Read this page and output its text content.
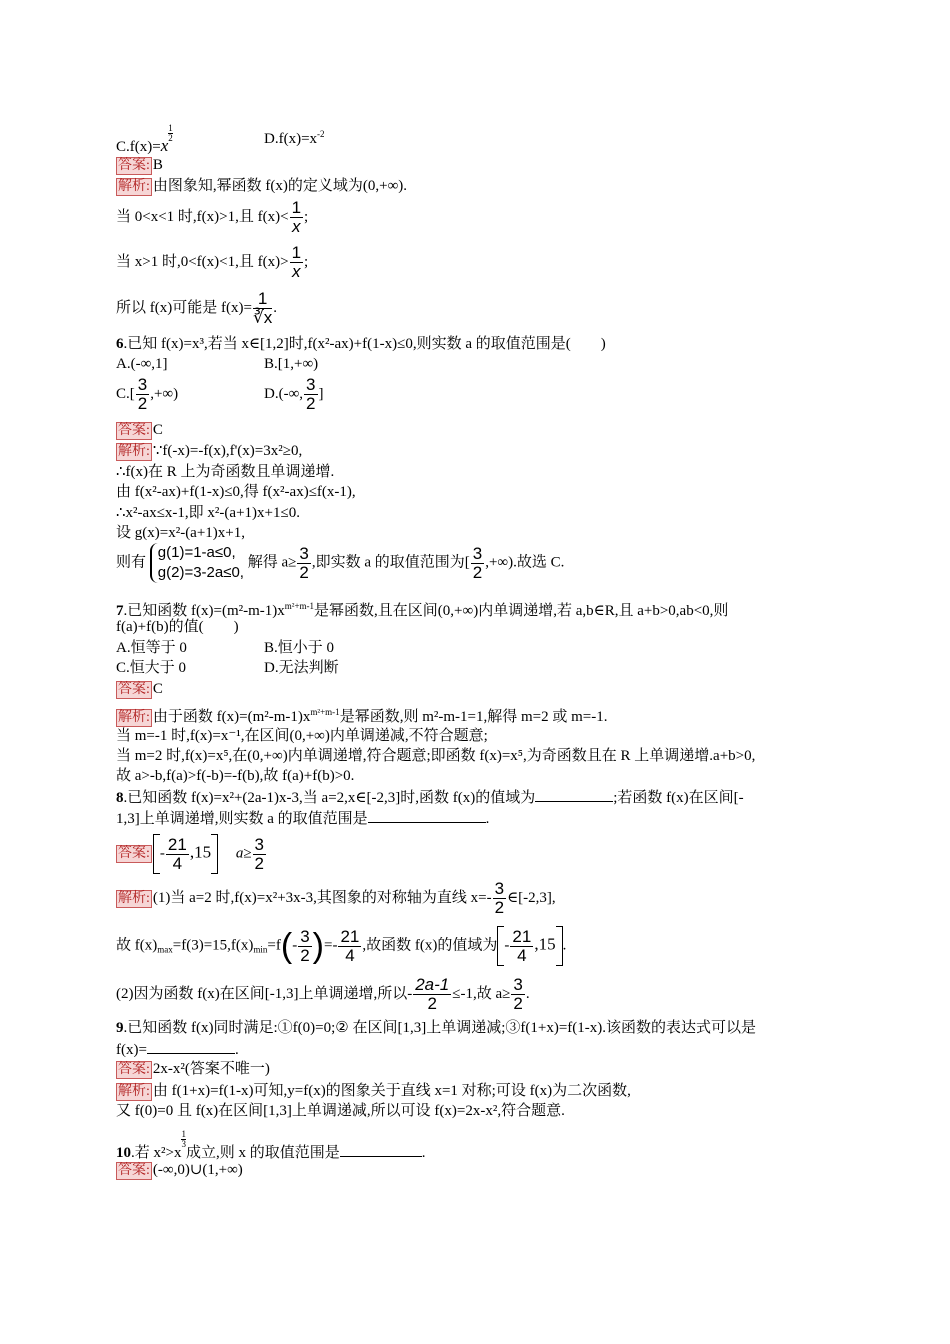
C.f(x)=x
$\frac{1}{2}$	$D.f(x)=x^{-2}$
答案: B
解析: 由图象知,幂函数 f(x)的定义域为(0,+∞).
当 0<x<1 时,f(x)>1,且 $f(x)< \frac{1}{x}$ ;
当 x>1 时,0<f(x)<1,且 $f(x)> \frac{1}{x}$ ;
所以 f(x)可能是 $f(x)= \frac{1}{∛x}$ .
6.已知 f(x)=x³,若当 x∈[1,2]时,f(x²-ax)+f(1-x)≤0,则实数 a 的取值范围是(　　)
A.(-∞,1]	B.[1,+∞)
$C.[ \frac{3}{2}$ ,+∞)	D.(-∞, $\frac{3}{2}$ ]
答案: C
解析: ∵f(-x)=-f(x),f'(x)=3x²≥0,
∴f(x)在 R 上为奇函数且单调递增.
由 f(x²-ax)+f(1-x)≤0,得 f(x²-ax)≤f(x-1),
∴x²-ax≤x-1,即 x²-(a+1)x+1≤0.
设 g(x)=x²-(a+1)x+1,
则有
g(1)=1-a≤0,
g(2)=3-2a≤0,
解得 $a\ge \frac{3}{2}$ ,即实数 a 的取值范围为[ $\frac{3}{2}$ ,+∞).故选 C.
7.已知函数 $f(x)=(m^2-m-1)x^{m^2+m-1}$是幂函数,且在区间(0,+∞)内单调递增,若 a,b∈R,且 a+b>0,ab<0,则
f(a)+f(b)的值(　　)
A.恒等于 0	B.恒小于 0
C.恒大于 0	D.无法判断
答案: C
解析: 由于函数 $f(x)=(m^2-m-1)x^{m^2+m-1}$是幂函数,则 m²-m-1=1,解得 m=2 或 m=-1.
当 m=-1 时,f(x)=x⁻¹,在区间(0,+∞)内单调递减,不符合题意;
当 m=2 时,f(x)=x⁵,在(0,+∞)内单调递增,符合题意;即函数 f(x)=x⁵,为奇函数且在 R 上单调递增.a+b>0,
故 a>-b,f(a)>f(-b)=-f(b),故 f(a)+f(b)>0.
8.已知函数 f(x)=x²+(2a-1)x-3,当 a=2,x∈[-2,3]时,函数 f(x)的值域为	;若函数 f(x)在区间[-
1,3]上单调递增,则实数 a 的取值范围是	.
答案: - $\frac{21}{4} ,15$ $a\ge \frac{3}{2}$
解析: (1)当 a=2 时,f(x)=x²+3x-3,其图象的对称轴为直线 $x=- \frac{3}{2}$ ∈[-2,3],
故 $f(x)_{max}=f(3)=15,f(x)_{min}=f(- \frac{3}{2}$ )=- $\frac{21}{4}$ ,故函数 f(x)的值域为 - $\frac{21}{4} ,15$ .
(2)因为函数 f(x)在区间[-1,3]上单调递增,所以- $\frac{2a-1}{2} \le-1$,故 $a\ge \frac{3}{2}$ .
9.已知函数 f(x)同时满足:①f(0)=0;② 在区间[1,3]上单调递减;③f(1+x)=f(1-x).该函数的表达式可以是
f(x)=	.
答案: 2x-x²(答案不唯一)
解析: 由 f(1+x)=f(1-x)可知,y=f(x)的图象关于直线 x=1 对称;可设 f(x)为二次函数,
又 f(0)=0 且 f(x)在区间[1,3]上单调递减,所以可设 f(x)=2x-x²,符合题意.
10.若 x²>x
$\frac{1}{3}$
成立,则 x 的取值范围是	.
答案: (-∞,0)∪(1,+∞)
